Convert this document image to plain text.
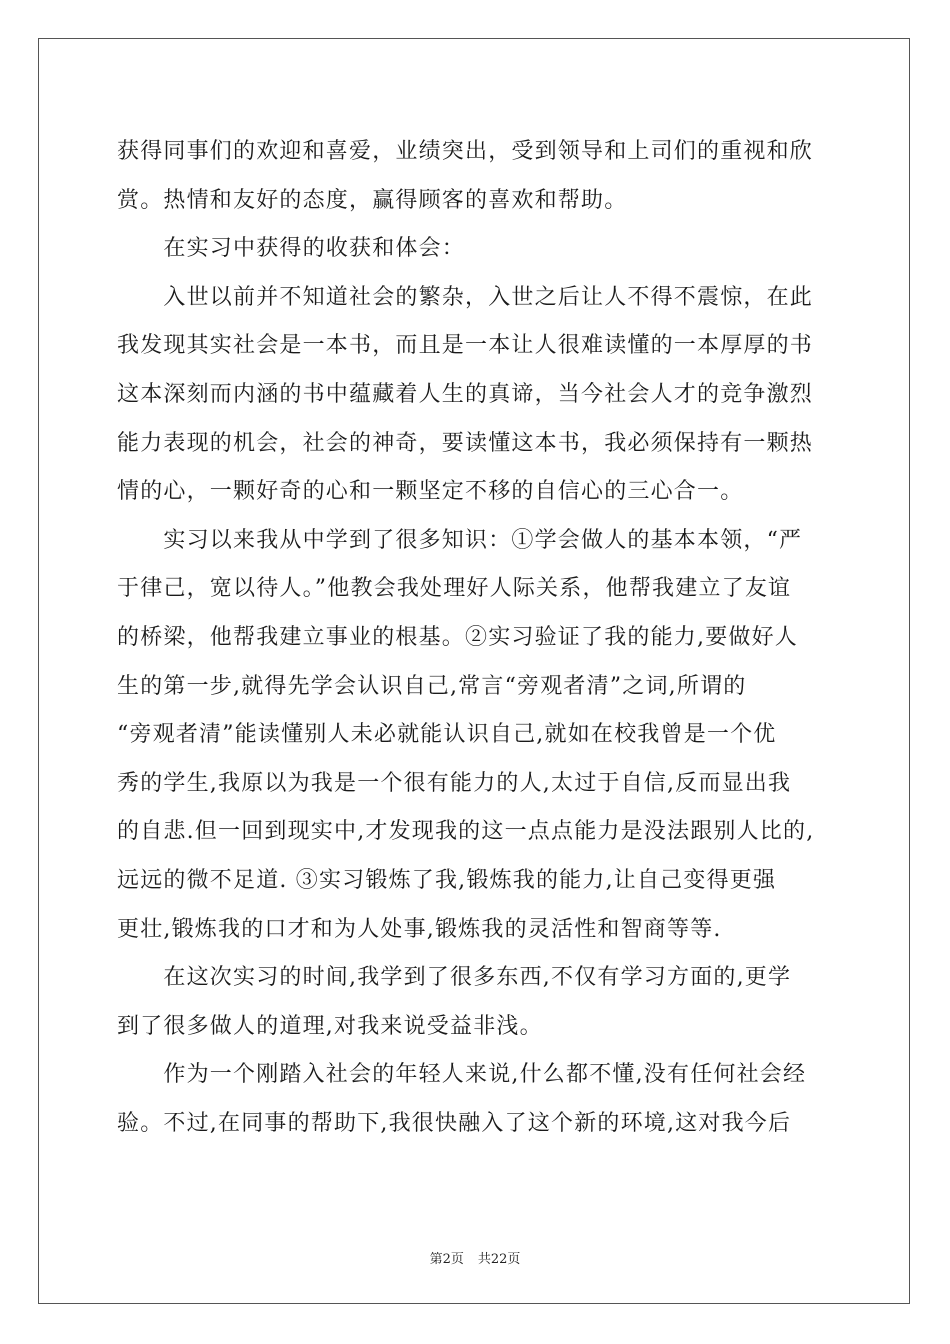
获得同事们的欢迎和喜爱，业绩突出，受到领导和上司们的重视和欣
赏。热情和友好的态度，赢得顾客的喜欢和帮助。
　　在实习中获得的收获和体会：
　　入世以前并不知道社会的繁杂，入世之后让人不得不震惊，在此
我发现其实社会是一本书，而且是一本让人很难读懂的一本厚厚的书
这本深刻而内涵的书中蕴藏着人生的真谛，当今社会人才的竞争激烈
能力表现的机会，社会的神奇，要读懂这本书，我必须保持有一颗热
情的心，一颗好奇的心和一颗坚定不移的自信心的三心合一。
　　实习以来我从中学到了很多知识：①学会做人的基本本领，“严
于律己，宽以待人。”他教会我处理好人际关系，他帮我建立了友谊
的桥梁，他帮我建立事业的根基。②实习验证了我的能力,要做好人
生的第一步,就得先学会认识自己,常言“旁观者清”之词,所谓的
“旁观者清”能读懂别人未必就能认识自己,就如在校我曾是一个优
秀的学生,我原以为我是一个很有能力的人,太过于自信,反而显出我
的自悲.但一回到现实中,才发现我的这一点点能力是没法跟别人比的,
远远的微不足道. ③实习锻炼了我,锻炼我的能力,让自己变得更强
更壮,锻炼我的口才和为人处事,锻炼我的灵活性和智商等等.
　　在这次实习的时间,我学到了很多东西,不仅有学习方面的,更学
到了很多做人的道理,对我来说受益非浅。
　　作为一个刚踏入社会的年轻人来说,什么都不懂,没有任何社会经
验。不过,在同事的帮助下,我很快融入了这个新的环境,这对我今后
第2页 共22页
